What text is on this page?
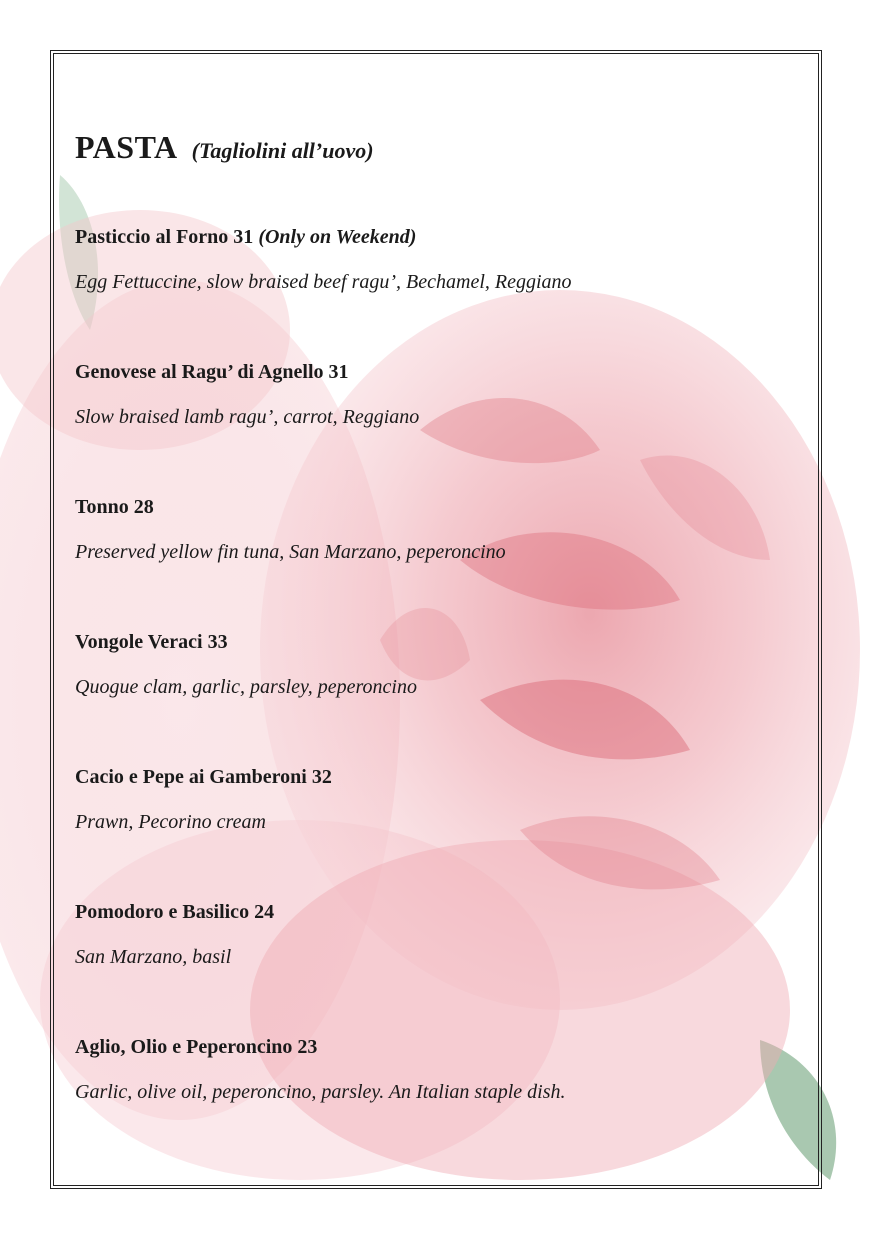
PASTA (Tagliolini all’uovo)
Pasticcio al Forno 31 (Only on Weekend)
Egg Fettuccine, slow braised beef ragu’, Bechamel, Reggiano
Genovese al Ragu’ di Agnello 31
Slow braised lamb ragu’, carrot, Reggiano
Tonno 28
Preserved yellow fin tuna, San Marzano, peperoncino
Vongole Veraci 33
Quogue clam, garlic, parsley, peperoncino
Cacio e Pepe ai Gamberoni 32
Prawn, Pecorino cream
Pomodoro e Basilico 24
San Marzano, basil
Aglio, Olio e Peperoncino 23
Garlic, olive oil, peperoncino, parsley. An Italian staple dish.
